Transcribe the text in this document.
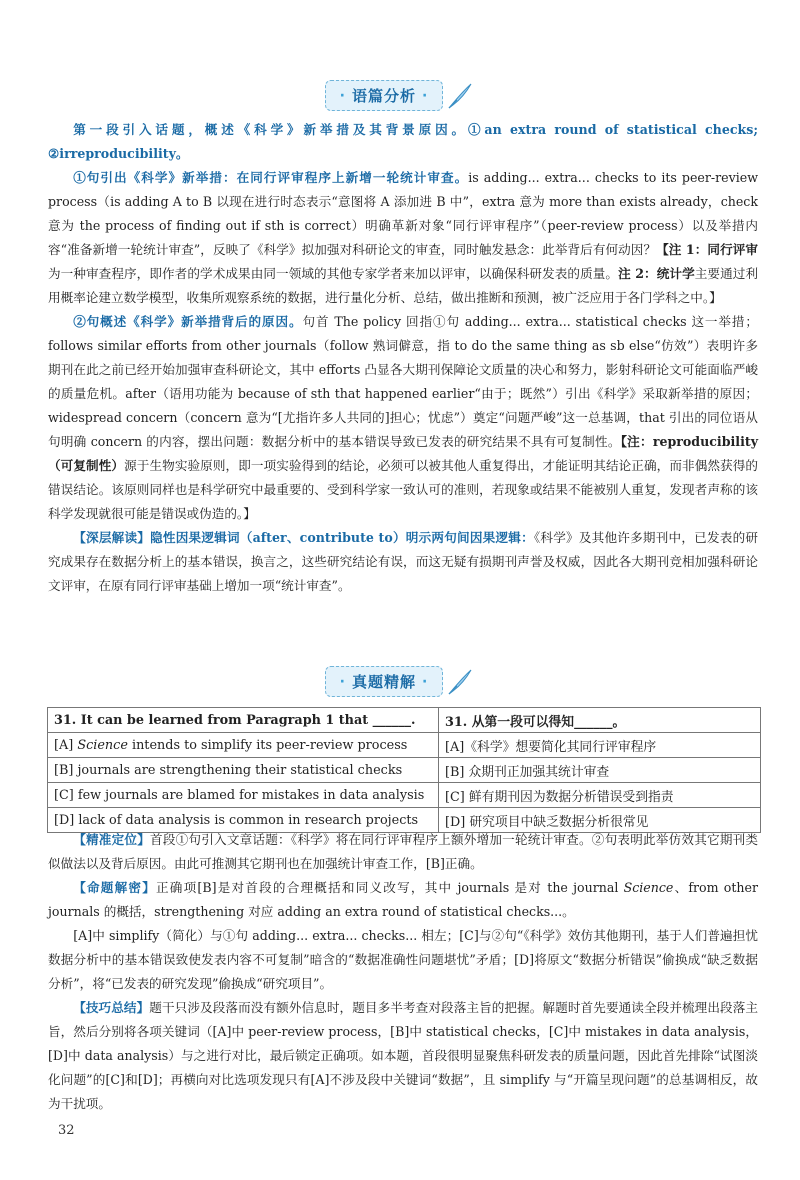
· 语篇分析 ·

第一段引入话题，概述《科学》新举措及其背景原因。①an extra round of statistical checks; ②irreproducibility。

①句引出《科学》新举措：在同行评审程序上新增一轮统计审查。is adding... extra... checks to its peer-review process（is adding A to B 以现在进行时态表示“意图将 A 添加进 B 中”，extra 意为 more than exists already，check 意为 the process of finding out if sth is correct）明确革新对象“同行评审程序”（peer-review process）以及举措内容“准备新增一轮统计审查”，反映了《科学》拟加强对科研论文的审查，同时触发悬念：此举背后有何动因？【注 1：同行评审为一种审查程序，即作者的学术成果由同一领域的其他专家学者来加以评审，以确保科研发表的质量。注 2：统计学主要通过利用概率论建立数学模型，收集所观察系统的数据，进行量化分析、总结，做出推断和预测，被广泛应用于各门学科之中。】

②句概述《科学》新举措背后的原因。句首 The policy 回指①句 adding... extra... statistical checks 这一举措；follows similar efforts from other journals（follow 熟词僻意，指 to do the same thing as sb else“仿效”）表明许多期刊在此之前已经开始加强审查科研论文，其中 efforts 凸显各大期刊保障论文质量的决心和努力，影射科研论文可能面临严峻的质量危机。after（语用功能为 because of sth that happened earlier“由于；既然”）引出《科学》采取新举措的原因；widespread concern（concern 意为“[尤指许多人共同的]担心；忧虑”）奠定“问题严峻”这一总基调，that 引出的同位语从句明确 concern 的内容，摆出问题：数据分析中的基本错误导致已发表的研究结果不具有可复制性。【注：reproducibility（可复制性）源于生物实验原则，即一项实验得到的结论，必须可以被其他人重复得出，才能证明其结论正确，而非偶然获得的错误结论。该原则同样也是科学研究中最重要的、受到科学家一致认可的准则，若现象或结果不能被别人重复，发现者声称的该科学发现就很可能是错误或伪造的。】

【深层解读】隐性因果逻辑词（after、contribute to）明示两句间因果逻辑：《科学》及其他许多期刊中，已发表的研究成果存在数据分析上的基本错误，换言之，这些研究结论有误，而这无疑有损期刊声誉及权威，因此各大期刊竞相加强科研论文评审，在原有同行评审基础上增加一项“统计审查”。

· 真题精解 ·
31. It can be learned from Paragraph 1 that ______.	31. 从第一段可以得知______。
[A] Science intends to simplify its peer-review process	[A]《科学》想要简化其同行评审程序
[B] journals are strengthening their statistical checks	[B] 众期刊正加强其统计审查
[C] few journals are blamed for mistakes in data analysis	[C] 鲜有期刊因为数据分析错误受到指责
[D] lack of data analysis is common in research projects	[D] 研究项目中缺乏数据分析很常见

【精准定位】首段①句引入文章话题：《科学》将在同行评审程序上额外增加一轮统计审查。②句表明此举仿效其它期刊类似做法以及背后原因。由此可推测其它期刊也在加强统计审查工作，[B]正确。

【命题解密】正确项[B]是对首段的合理概括和同义改写，其中 journals 是对 the journal Science、from other journals 的概括，strengthening 对应 adding an extra round of statistical checks...。

[A]中 simplify（简化）与①句 adding... extra... checks... 相左；[C]与②句“《科学》效仿其他期刊，基于人们普遍担忧数据分析中的基本错误致使发表内容不可复制”暗含的“数据准确性问题堪忧”矛盾；[D]将原文“数据分析错误”偷换成“缺乏数据分析”，将“已发表的研究发现”偷换成“研究项目”。

【技巧总结】题干只涉及段落而没有额外信息时，题目多半考查对段落主旨的把握。解题时首先要通读全段并梳理出段落主旨，然后分别将各项关键词（[A]中 peer-review process，[B]中 statistical checks，[C]中 mistakes in data analysis，[D]中 data analysis）与之进行对比，最后锁定正确项。如本题，首段很明显聚焦科研发表的质量问题，因此首先排除“试图淡化问题”的[C]和[D]；再横向对比选项发现只有[A]不涉及段中关键词“数据”，且 simplify 与“开篇呈现问题”的总基调相反，故为干扰项。

32
